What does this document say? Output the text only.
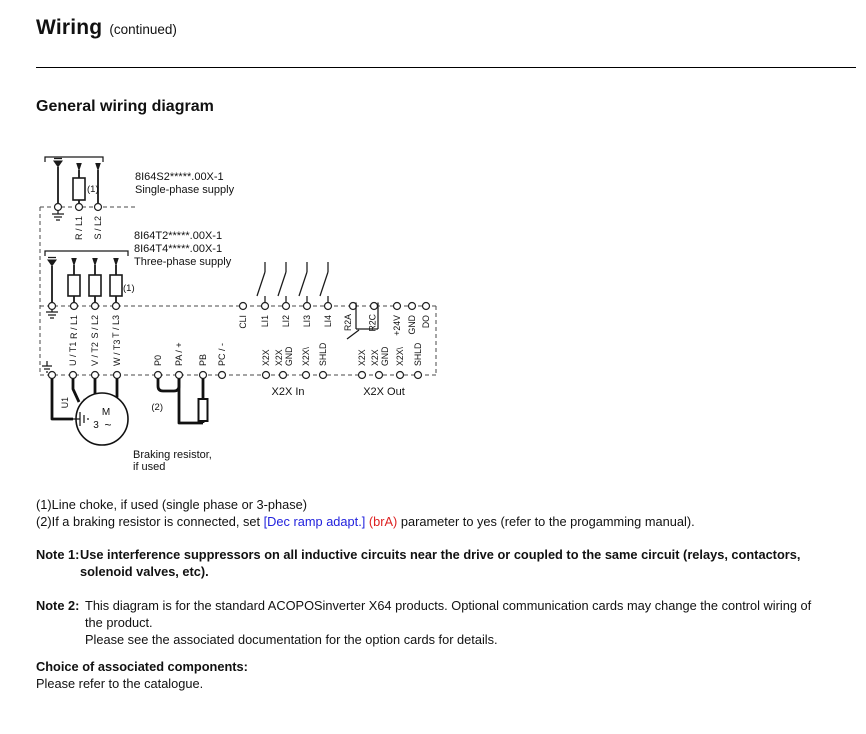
Wiring (continued)
General wiring diagram
(1)
R / L1 S / L2
8I64S2*****.00X-1
Single-phase supply
(1)
R / L1 S / L2 T / L3
8I64T2*****.00X-1
8I64T4*****.00X-1
Three-phase supply
CLI LI1 LI2 LI3 LI4 R2A R2C +24V GND DO
U / T1 V / T2 W / T3	P0 PA / + PB PC / -	X2X X2X GND X2X\ SHLD
X2X In
X2X X2X GND X2X\ SHLD
X2X Out
U1
M
3 ~
(2)
Braking resistor,
if used
(1)Line choke, if used (single phase or 3-phase)
(2)If a braking resistor is connected, set [Dec ramp adapt.] (brA) parameter to yes (refer to the progamming manual).
Note 1:Use interference suppressors on all inductive circuits near the drive or coupled to the same circuit (relays, contactors,
solenoid valves, etc).
Note 2: This diagram is for the standard ACOPOSinverter X64 products. Optional communication cards may change the control wiring of
the product.
Please see the associated documentation for the option cards for details.
Choice of associated components:
Please refer to the catalogue.
